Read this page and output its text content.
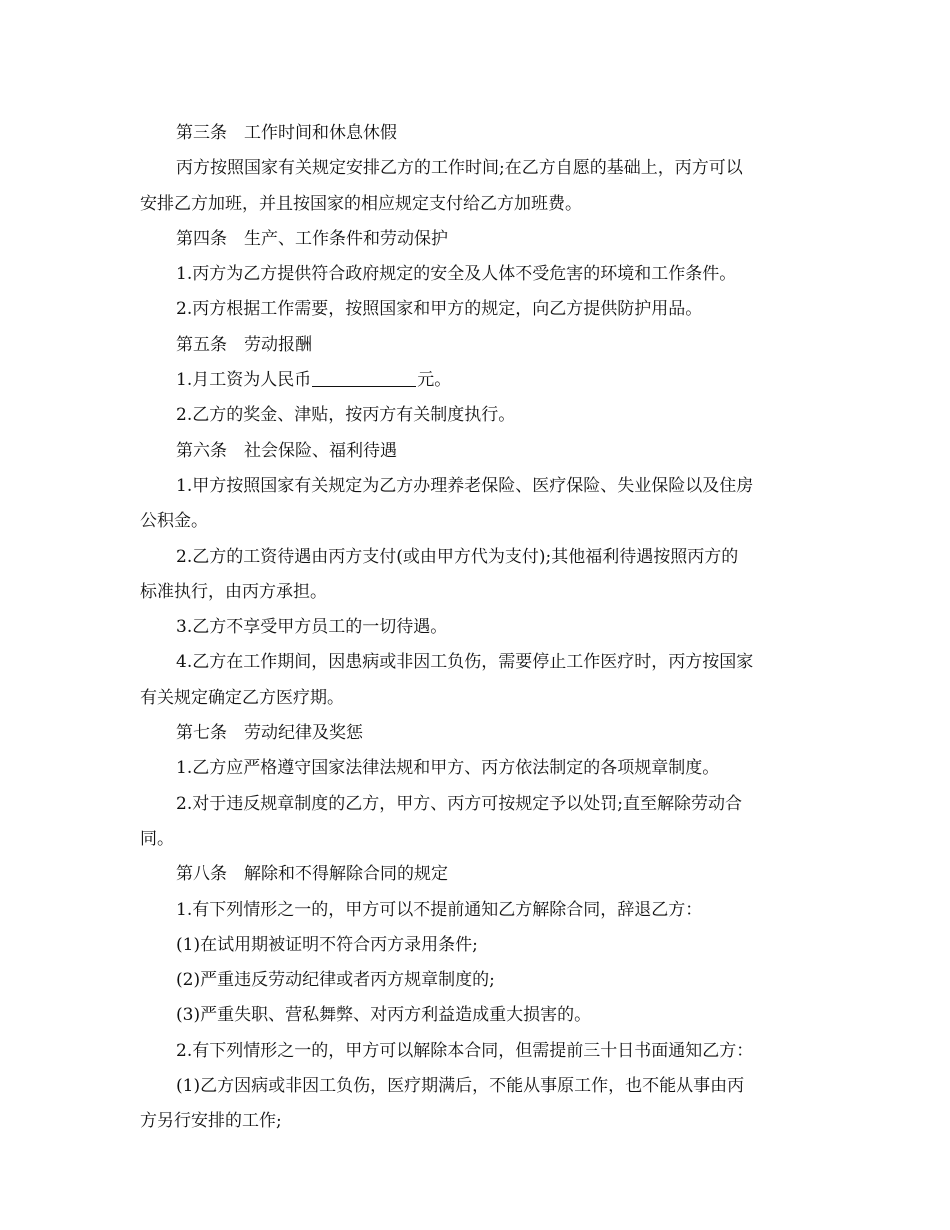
第三条　工作时间和休息休假

丙方按照国家有关规定安排乙方的工作时间;在乙方自愿的基础上，丙方可以

安排乙方加班，并且按国家的相应规定支付给乙方加班费。

第四条　生产、工作条件和劳动保护

1.丙方为乙方提供符合政府规定的安全及人体不受危害的环境和工作条件。

2.丙方根据工作需要，按照国家和甲方的规定，向乙方提供防护用品。

第五条　劳动报酬

1.月工资为人民币	元。

2.乙方的奖金、津贴，按丙方有关制度执行。

第六条　社会保险、福利待遇

1.甲方按照国家有关规定为乙方办理养老保险、医疗保险、失业保险以及住房

公积金。

2.乙方的工资待遇由丙方支付(或由甲方代为支付);其他福利待遇按照丙方的

标准执行，由丙方承担。

3.乙方不享受甲方员工的一切待遇。

4.乙方在工作期间，因患病或非因工负伤，需要停止工作医疗时，丙方按国家

有关规定确定乙方医疗期。

第七条　劳动纪律及奖惩

1.乙方应严格遵守国家法律法规和甲方、丙方依法制定的各项规章制度。

2.对于违反规章制度的乙方，甲方、丙方可按规定予以处罚;直至解除劳动合

同。

第八条　解除和不得解除合同的规定

1.有下列情形之一的，甲方可以不提前通知乙方解除合同，辞退乙方：

(1)在试用期被证明不符合丙方录用条件;

(2)严重违反劳动纪律或者丙方规章制度的;

(3)严重失职、营私舞弊、对丙方利益造成重大损害的。

2.有下列情形之一的，甲方可以解除本合同，但需提前三十日书面通知乙方：

(1)乙方因病或非因工负伤，医疗期满后，不能从事原工作，也不能从事由丙

方另行安排的工作;
